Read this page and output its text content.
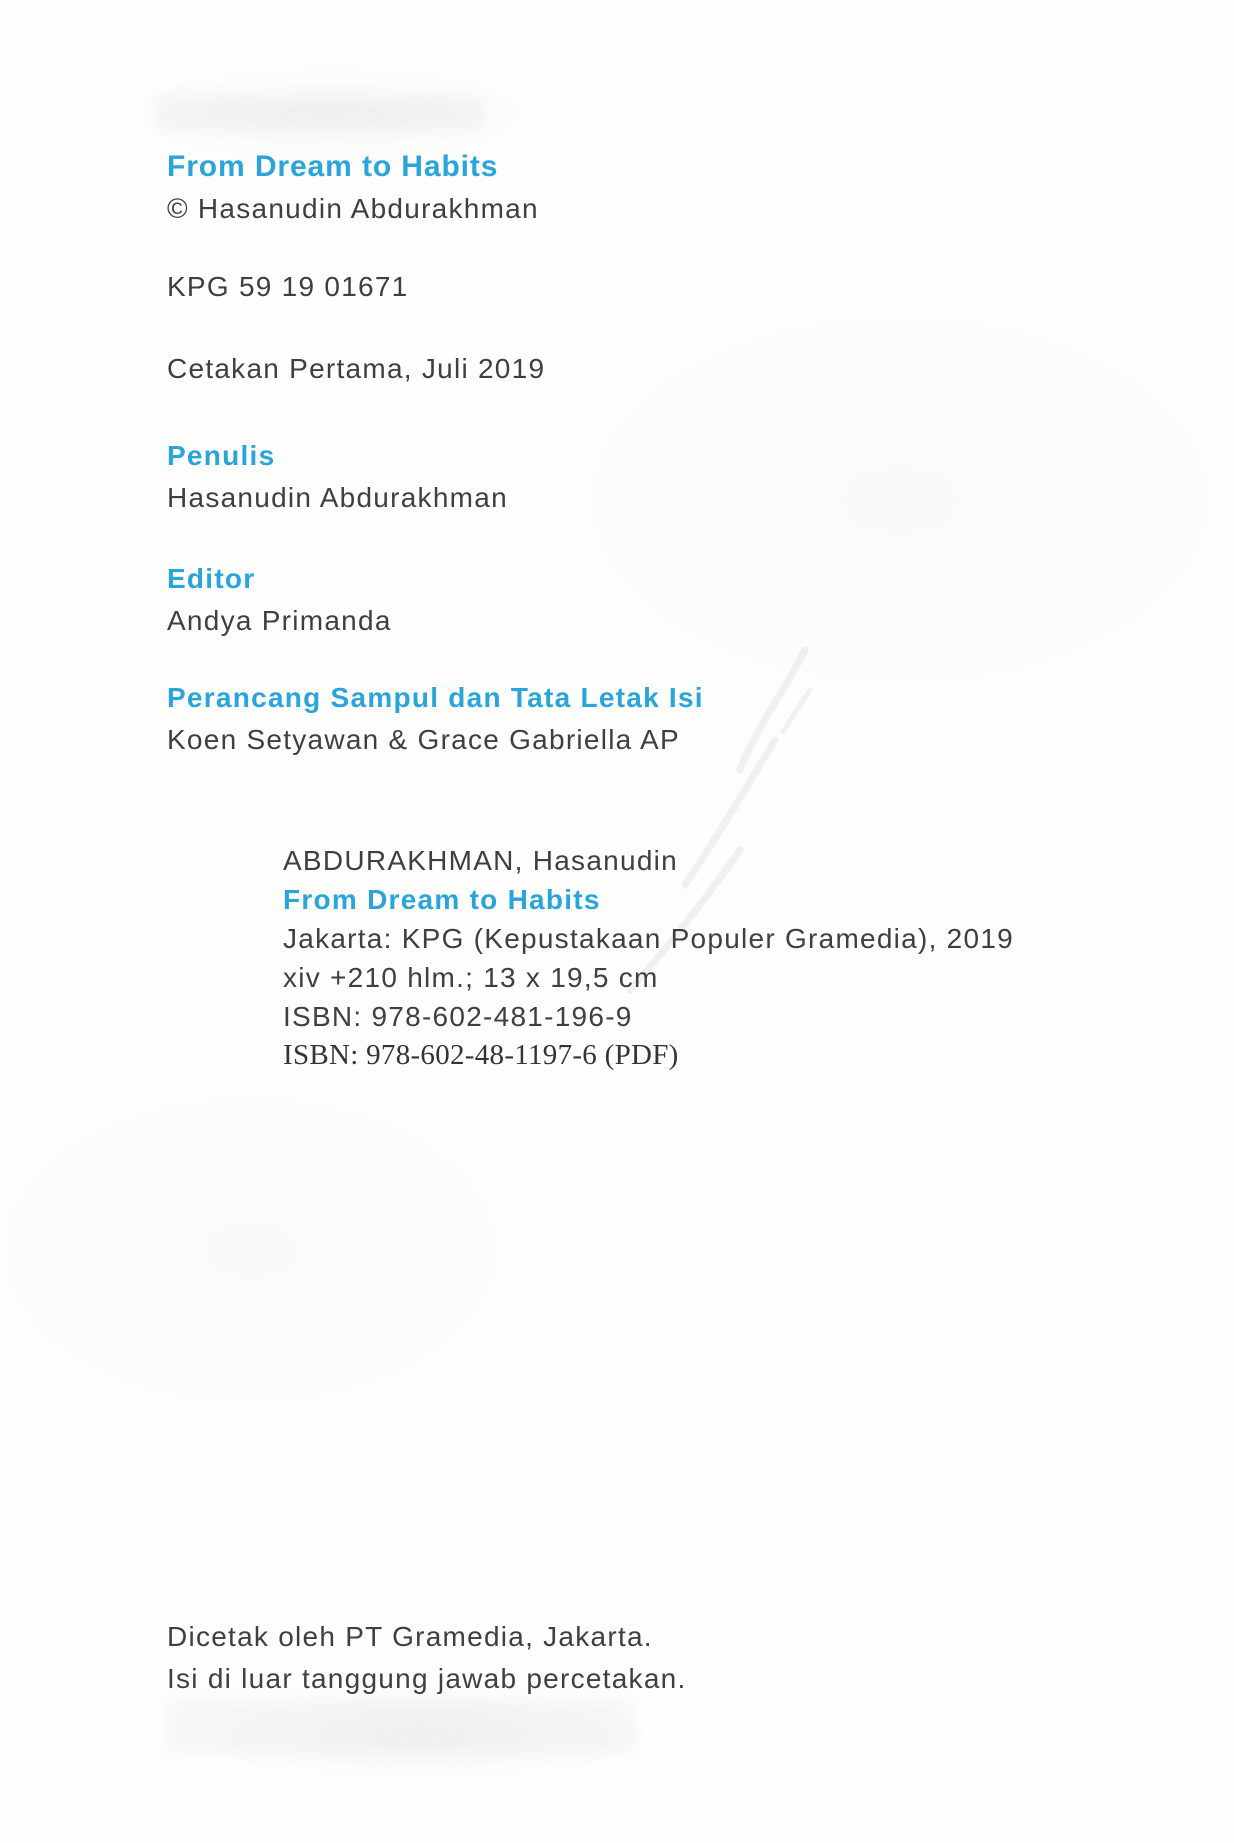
From Dream to Habits
© Hasanudin Abdurakhman
KPG 59 19 01671
Cetakan Pertama, Juli 2019
Penulis
Hasanudin Abdurakhman
Editor
Andya Primanda
Perancang Sampul dan Tata Letak Isi
Koen Setyawan & Grace Gabriella AP
ABDURAKHMAN, Hasanudin
From Dream to Habits
Jakarta: KPG (Kepustakaan Populer Gramedia), 2019
xiv +210 hlm.; 13 x 19,5 cm
ISBN: 978-602-481-196-9
ISBN: 978-602-48-1197-6 (PDF)
Dicetak oleh PT Gramedia, Jakarta.
Isi di luar tanggung jawab percetakan.
